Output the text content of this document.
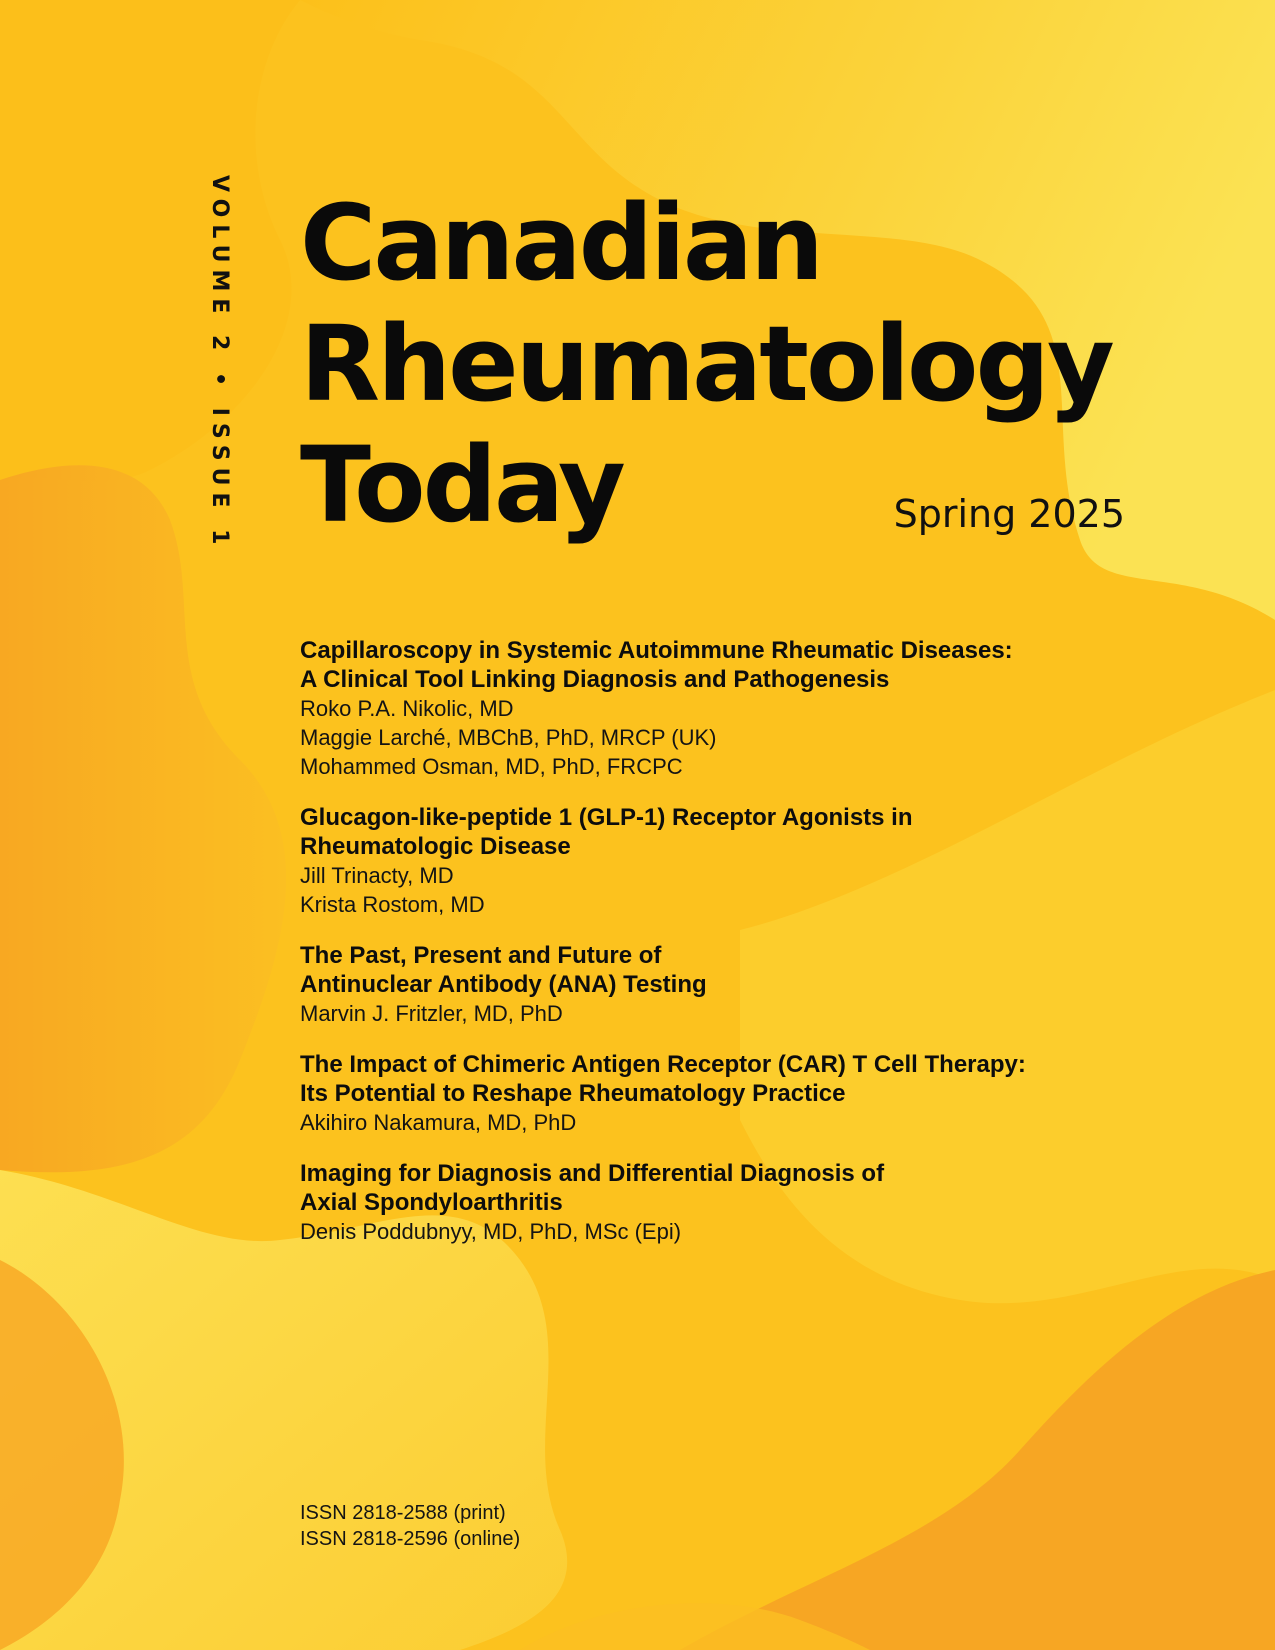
VOLUME 2 • ISSUE 1 Canadian
Rheumatology
Today	Spring 2025
Capillaroscopy in Systemic Autoimmune Rheumatic Diseases:
A Clinical Tool Linking Diagnosis and Pathogenesis
Roko P.A. Nikolic, MD
Maggie Larché, MBChB, PhD, MRCP (UK)
Mohammed Osman, MD, PhD, FRCPC
Glucagon-like-peptide 1 (GLP-1) Receptor Agonists in
Rheumatologic Disease
Jill Trinacty, MD
Krista Rostom, MD
The Past, Present and Future of
Antinuclear Antibody (ANA) Testing
Marvin J. Fritzler, MD, PhD
The Impact of Chimeric Antigen Receptor (CAR) T Cell Therapy:
Its Potential to Reshape Rheumatology Practice
Akihiro Nakamura, MD, PhD
Imaging for Diagnosis and Differential Diagnosis of
Axial Spondyloarthritis
Denis Poddubnyy, MD, PhD, MSc (Epi)
ISSN 2818-2588 (print)
ISSN 2818-2596 (online)
